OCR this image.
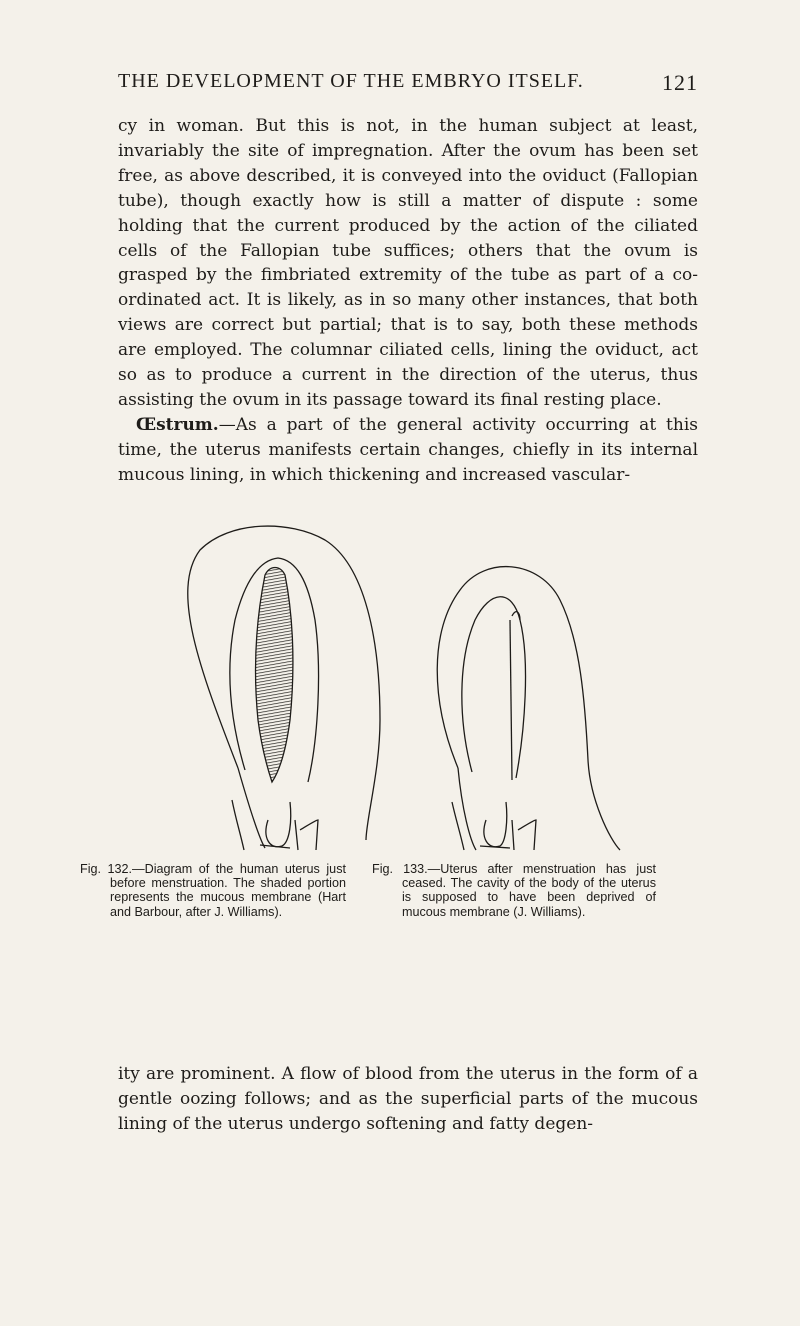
THE DEVELOPMENT OF THE EMBRYO ITSELF.	121

cy in woman. But this is not, in the human subject at least, invariably the site of impregnation. After the ovum has been set free, as above described, it is conveyed into the oviduct (Fallopian tube), though exactly how is still a matter of dispute : some holding that the current produced by the action of the ciliated cells of the Fallopian tube suffices; others that the ovum is grasped by the fimbriated extremity of the tube as part of a co-ordinated act. It is likely, as in so many other instances, that both views are correct but partial; that is to say, both these methods are employed. The columnar ciliated cells, lining the oviduct, act so as to produce a current in the direction of the uterus, thus assisting the ovum in its passage toward its final resting place.

Œstrum.—As a part of the general activity occurring at this time, the uterus manifests certain changes, chiefly in its internal mucous lining, in which thickening and increased vascular-

Fig. 132.—Diagram of the human uterus just before menstruation. The shaded portion represents the mucous membrane (Hart and Barbour, after J. Williams).
Fig. 133.—Uterus after menstruation has just ceased. The cavity of the body of the uterus is supposed to have been deprived of mucous membrane (J. Williams).

ity are prominent. A flow of blood from the uterus in the form of a gentle oozing follows; and as the superficial parts of the mucous lining of the uterus undergo softening and fatty degen-
